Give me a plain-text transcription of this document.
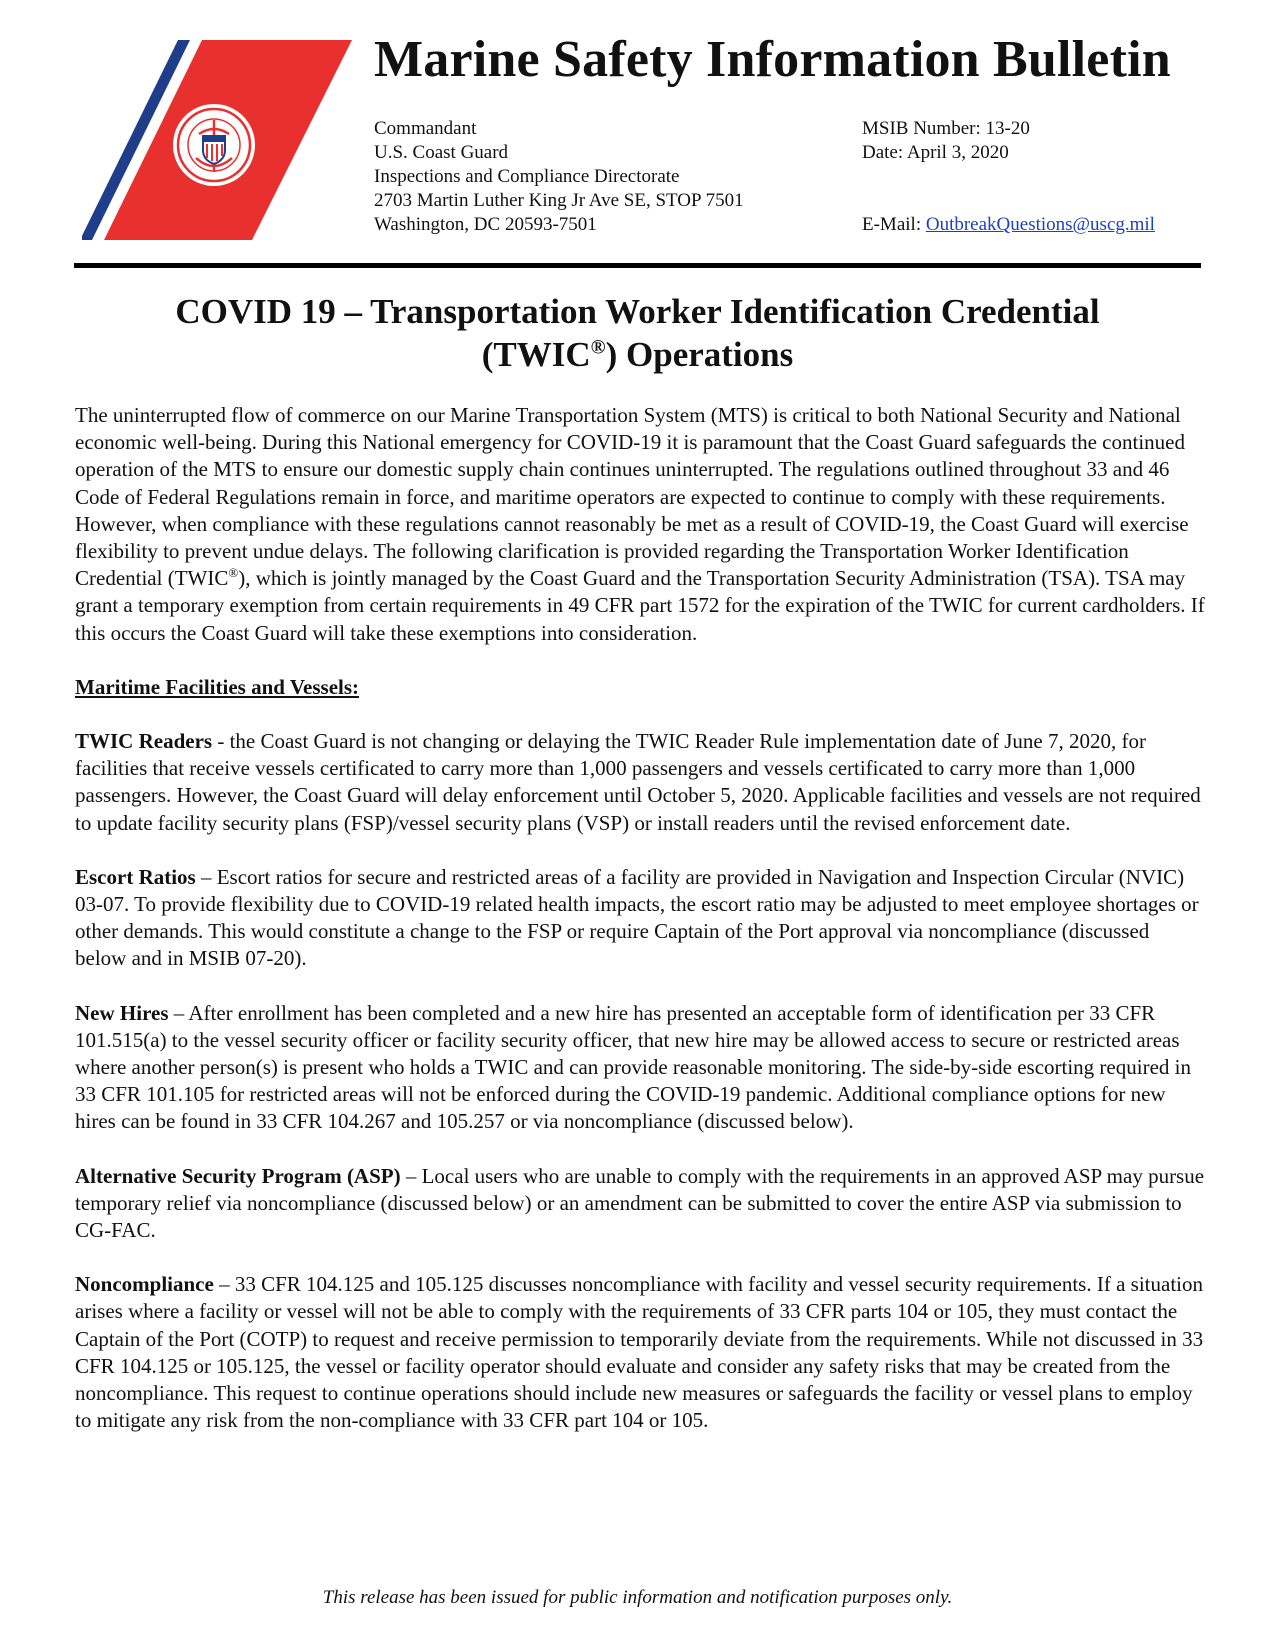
Marine Safety Information Bulletin
Commandant
U.S. Coast Guard
Inspections and Compliance Directorate
2703 Martin Luther King Jr Ave SE, STOP 7501
Washington, DC 20593-7501
MSIB Number: 13-20
Date: April 3, 2020
E-Mail: OutbreakQuestions@uscg.mil
COVID 19 – Transportation Worker Identification Credential
(TWIC®) Operations

The uninterrupted flow of commerce on our Marine Transportation System (MTS) is critical to both National Security and National economic well-being. During this National emergency for COVID-19 it is paramount that the Coast Guard safeguards the continued operation of the MTS to ensure our domestic supply chain continues uninterrupted. The regulations outlined throughout 33 and 46 Code of Federal Regulations remain in force, and maritime operators are expected to continue to comply with these requirements. However, when compliance with these regulations cannot reasonably be met as a result of COVID-19, the Coast Guard will exercise flexibility to prevent undue delays. The following clarification is provided regarding the Transportation Worker Identification Credential (TWIC®), which is jointly managed by the Coast Guard and the Transportation Security Administration (TSA). TSA may grant a temporary exemption from certain requirements in 49 CFR part 1572 for the expiration of the TWIC for current cardholders. If this occurs the Coast Guard will take these exemptions into consideration.

Maritime Facilities and Vessels:

TWIC Readers - the Coast Guard is not changing or delaying the TWIC Reader Rule implementation date of June 7, 2020, for facilities that receive vessels certificated to carry more than 1,000 passengers and vessels certificated to carry more than 1,000 passengers. However, the Coast Guard will delay enforcement until October 5, 2020. Applicable facilities and vessels are not required to update facility security plans (FSP)/vessel security plans (VSP) or install readers until the revised enforcement date.

Escort Ratios – Escort ratios for secure and restricted areas of a facility are provided in Navigation and Inspection Circular (NVIC) 03-07. To provide flexibility due to COVID-19 related health impacts, the escort ratio may be adjusted to meet employee shortages or other demands. This would constitute a change to the FSP or require Captain of the Port approval via noncompliance (discussed below and in MSIB 07-20).

New Hires – After enrollment has been completed and a new hire has presented an acceptable form of identification per 33 CFR 101.515(a) to the vessel security officer or facility security officer, that new hire may be allowed access to secure or restricted areas where another person(s) is present who holds a TWIC and can provide reasonable monitoring. The side-by-side escorting required in 33 CFR 101.105 for restricted areas will not be enforced during the COVID-19 pandemic. Additional compliance options for new hires can be found in 33 CFR 104.267 and 105.257 or via noncompliance (discussed below).

Alternative Security Program (ASP) – Local users who are unable to comply with the requirements in an approved ASP may pursue temporary relief via noncompliance (discussed below) or an amendment can be submitted to cover the entire ASP via submission to CG-FAC.

Noncompliance – 33 CFR 104.125 and 105.125 discusses noncompliance with facility and vessel security requirements. If a situation arises where a facility or vessel will not be able to comply with the requirements of 33 CFR parts 104 or 105, they must contact the Captain of the Port (COTP) to request and receive permission to temporarily deviate from the requirements. While not discussed in 33 CFR 104.125 or 105.125, the vessel or facility operator should evaluate and consider any safety risks that may be created from the noncompliance. This request to continue operations should include new measures or safeguards the facility or vessel plans to employ to mitigate any risk from the non-compliance with 33 CFR part 104 or 105.

This release has been issued for public information and notification purposes only.
